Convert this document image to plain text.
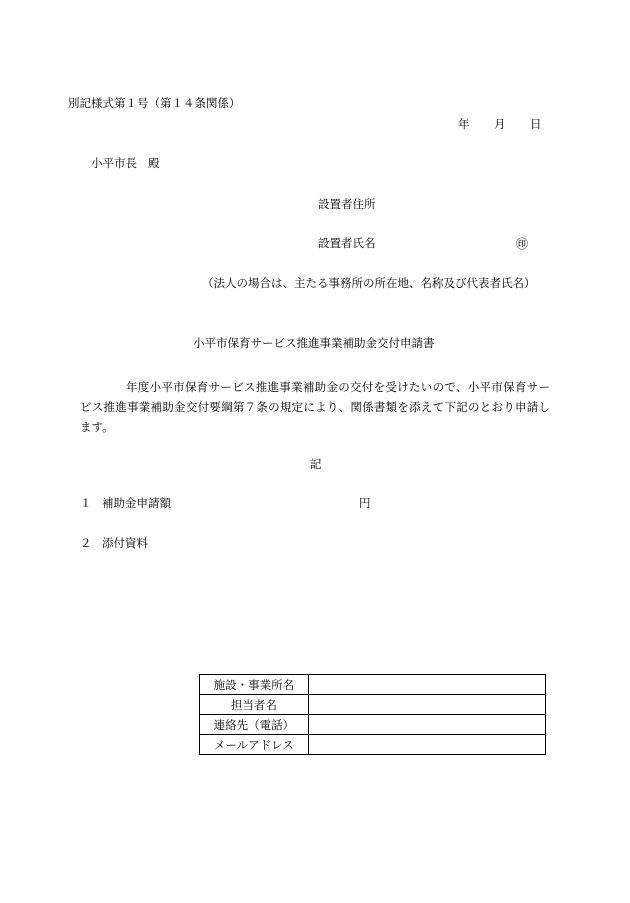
別記様式第１号（第１４条関係）
年 月 日
小平市長 殿
設置者住所
設置者氏名	㊞
（法人の場合は、主たる事務所の所在地、名称及び代表者氏名）
小平市保育サービス推進事業補助金交付申請書
年度小平市保育サービス推進事業補助金の交付を受けたいので、小平市保育サービス推進事業補助金交付要綱第７条の規定により、関係書類を添えて下記のとおり申請します。
記
１ 補助金申請額	円
２ 添付資料
施設・事業所名	
担当者名	
連絡先（電話）	
メールアドレス	
